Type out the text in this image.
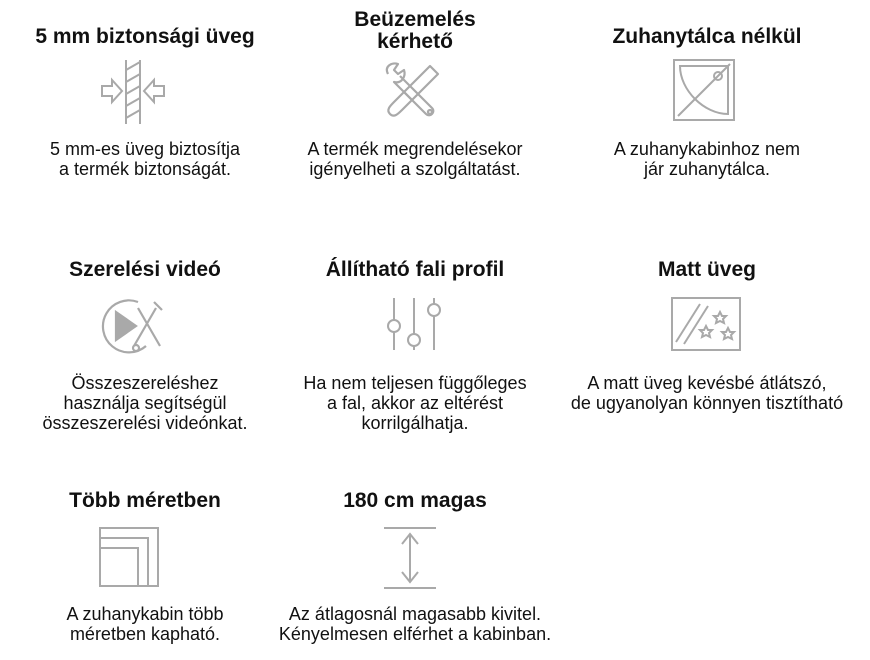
5 mm biztonsági üveg

5 mm-es üveg biztosítja

a termék biztonságát.

Beüzemelés

kérhető

A termék megrendelésekor

igényelheti a szolgáltatást.

Zuhanytálca nélkül

A zuhanykabinhoz nem

jár zuhanytálca.

Szerelési videó

Összeszereléshez

használja segítségül

összeszerelési videónkat.

Állítható fali profil

Ha nem teljesen függőleges

a fal, akkor az eltérést

korrilgálhatja.

Matt üveg

A matt üveg kevésbé átlátszó,

de ugyanolyan könnyen tisztítható

Több méretben

A zuhanykabin több

méretben kapható.

180 cm magas

Az átlagosnál magasabb kivitel.

Kényelmesen elférhet a kabinban.
